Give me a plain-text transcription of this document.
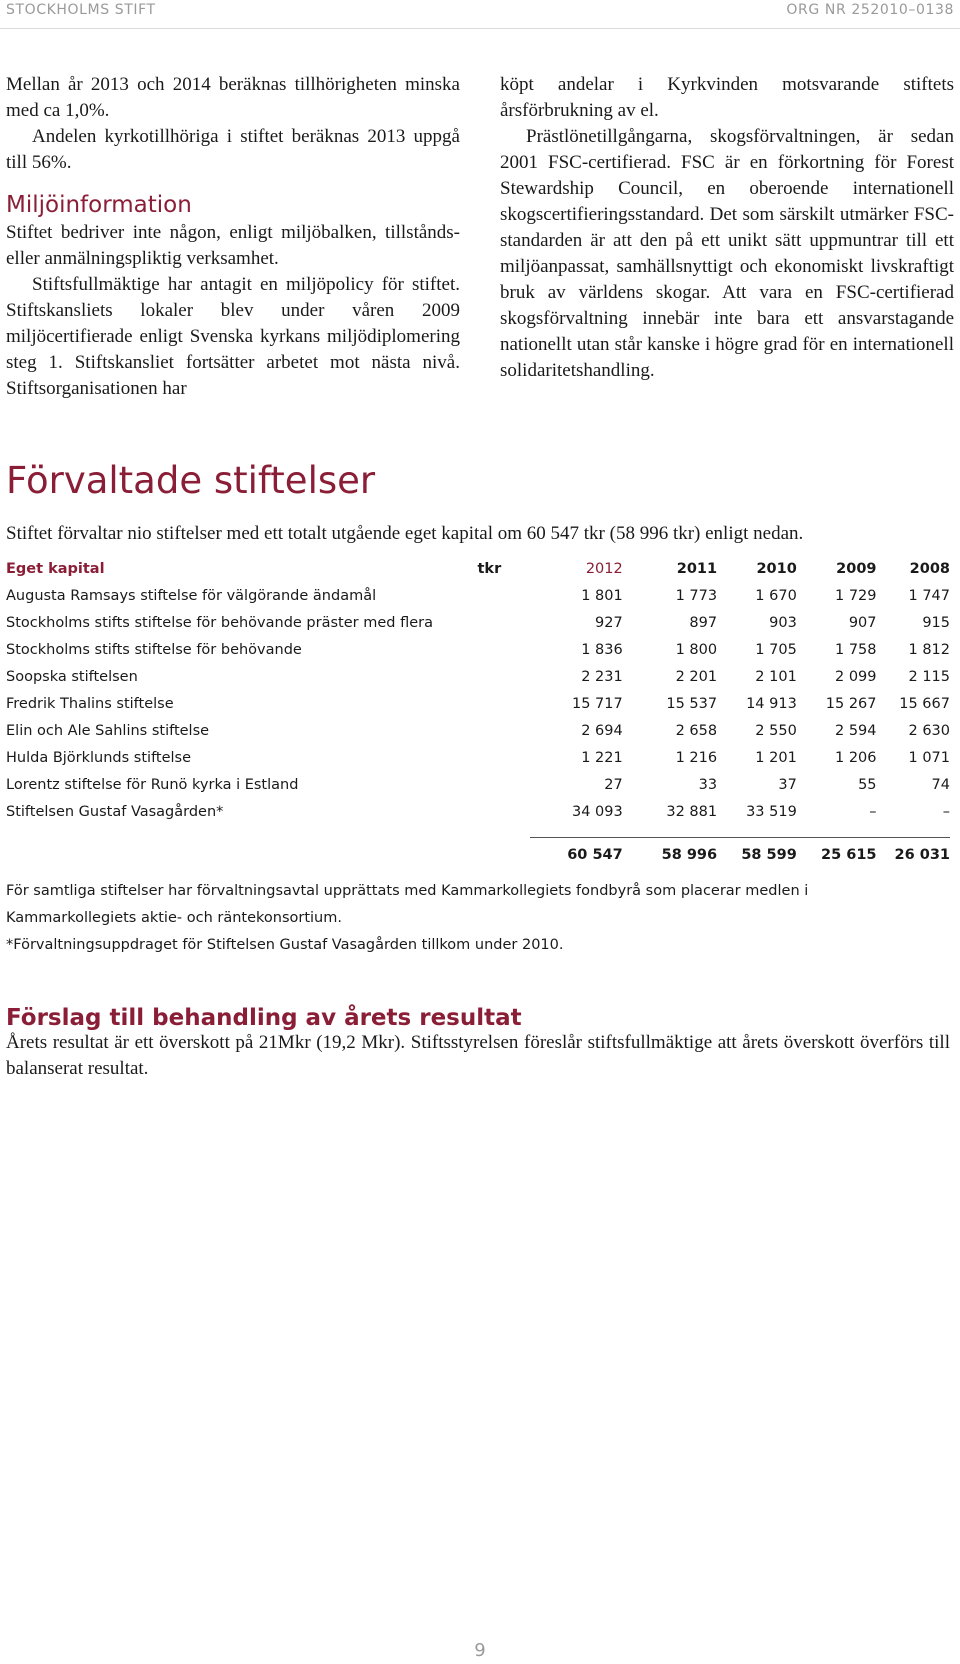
STOCKHOLMS STIFT	ORG NR 252010–0138

Mellan år 2013 och 2014 beräknas tillhörigheten minska med ca 1,0%.

Andelen kyrkotillhöriga i stiftet beräknas 2013 uppgå till 56%.

Miljöinformation

Stiftet bedriver inte någon, enligt miljöbalken, tillstånds- eller anmälningspliktig verksamhet.

Stiftsfullmäktige har antagit en miljöpolicy för stiftet. Stiftskansliets lokaler blev under våren 2009 miljöcertifierade enligt Svenska kyrkans miljödiplomering steg 1. Stiftskansliet fortsätter arbetet mot nästa nivå. Stiftsorganisationen har

köpt andelar i Kyrkvinden motsvarande stiftets årsförbrukning av el.

Prästlönetillgångarna, skogsförvaltningen, är sedan 2001 FSC-certifierad. FSC är en förkortning för Forest Stewardship Council, en oberoende internationell skogscertifieringsstandard. Det som särskilt utmärker FSC-standarden är att den på ett unikt sätt uppmuntrar till ett miljöanpassat, samhällsnyttigt och ekonomiskt livskraftigt bruk av världens skogar. Att vara en FSC-certifierad skogsförvaltning innebär inte bara ett ansvarstagande nationellt utan står kanske i högre grad för en internationell solidaritetshandling.

Förvaltade stiftelser

Stiftet förvaltar nio stiftelser med ett totalt utgående eget kapital om 60 547 tkr (58 996 tkr) enligt nedan.

Eget kapital	tkr	2012	2011	2010	2009	2008
Augusta Ramsays stiftelse för välgörande ändamål		1 801	1 773	1 670	1 729	1 747
Stockholms stifts stiftelse för behövande präster med flera		927	897	903	907	915
Stockholms stifts stiftelse för behövande		1 836	1 800	1 705	1 758	1 812
Soopska stiftelsen		2 231	2 201	2 101	2 099	2 115
Fredrik Thalins stiftelse		15 717	15 537	14 913	15 267	15 667
Elin och Ale Sahlins stiftelse		2 694	2 658	2 550	2 594	2 630
Hulda Björklunds stiftelse		1 221	1 216	1 201	1 206	1 071
Lorentz stiftelse för Runö kyrka i Estland		27	33	37	55	74
Stiftelsen Gustaf Vasagården*		34 093	32 881	33 519	–	–

		60 547	58 996	58 599	25 615	26 031

För samtliga stiftelser har förvaltningsavtal upprättats med Kammarkollegiets fondbyrå som placerar medlen i Kammarkollegiets aktie- och räntekonsortium.

*Förvaltningsuppdraget för Stiftelsen Gustaf Vasagården tillkom under 2010.

Förslag till behandling av årets resultat

Årets resultat är ett överskott på 21Mkr (19,2 Mkr). Stiftsstyrelsen föreslår stiftsfullmäktige att årets överskott överförs till balanserat resultat.

9
